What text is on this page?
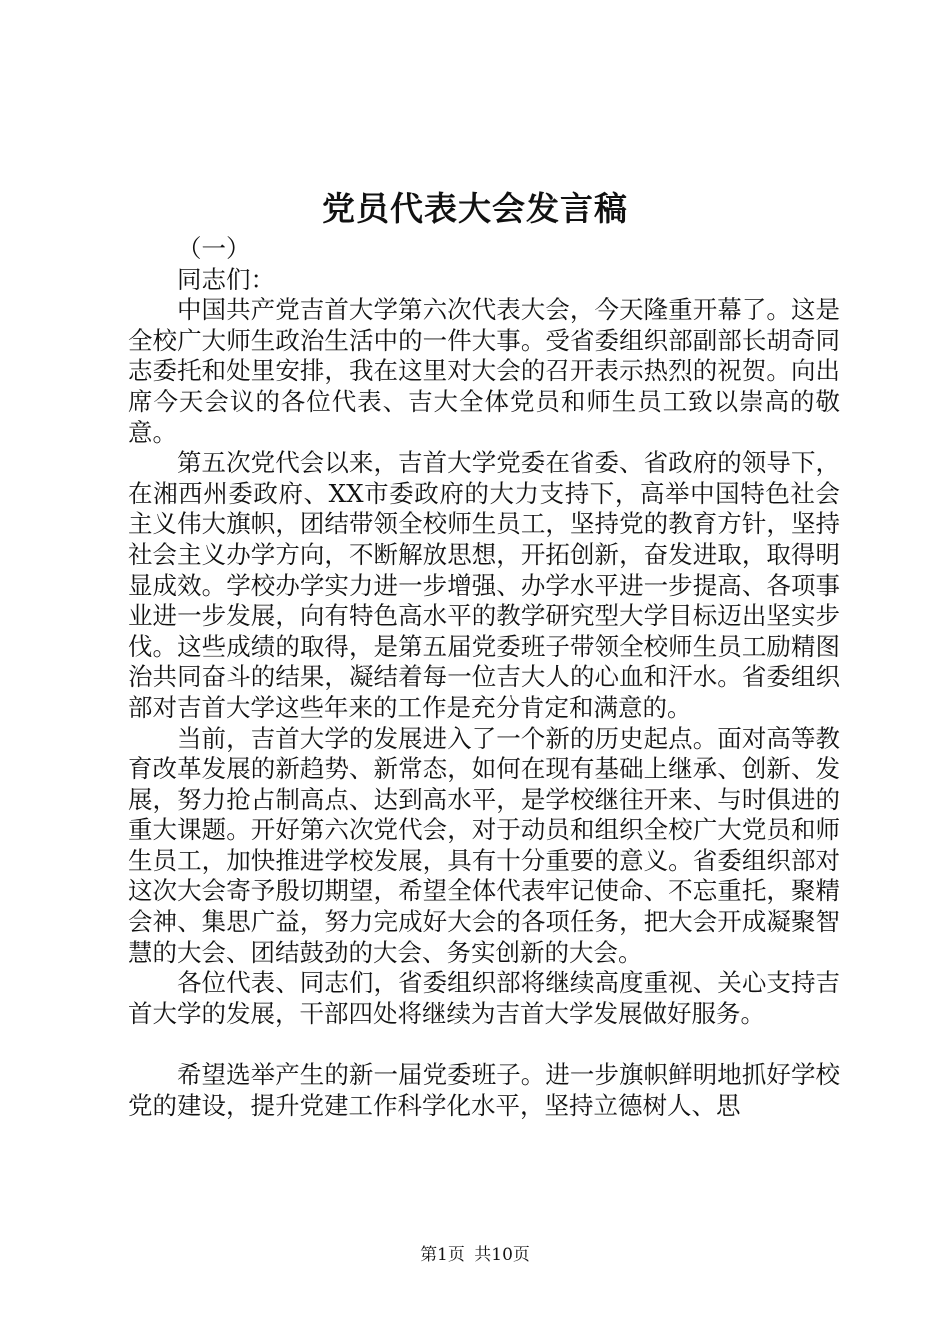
党员代表大会发言稿

（一）

同志们：

中国共产党吉首大学第六次代表大会，今天隆重开幕了。这是全校广大师生政治生活中的一件大事。受省委组织部副部长胡奇同志委托和处里安排，我在这里对大会的召开表示热烈的祝贺。向出席今天会议的各位代表、吉大全体党员和师生员工致以崇高的敬意。

第五次党代会以来，吉首大学党委在省委、省政府的领导下，在湘西州委政府、XX市委政府的大力支持下，高举中国特色社会主义伟大旗帜，团结带领全校师生员工，坚持党的教育方针，坚持社会主义办学方向，不断解放思想，开拓创新，奋发进取，取得明显成效。学校办学实力进一步增强、办学水平进一步提高、各项事业进一步发展，向有特色高水平的教学研究型大学目标迈出坚实步伐。这些成绩的取得，是第五届党委班子带领全校师生员工励精图治共同奋斗的结果，凝结着每一位吉大人的心血和汗水。省委组织部对吉首大学这些年来的工作是充分肯定和满意的。

当前，吉首大学的发展进入了一个新的历史起点。面对高等教育改革发展的新趋势、新常态，如何在现有基础上继承、创新、发展，努力抢占制高点、达到高水平，是学校继往开来、与时俱进的重大课题。开好第六次党代会，对于动员和组织全校广大党员和师生员工，加快推进学校发展，具有十分重要的意义。省委组织部对这次大会寄予殷切期望，希望全体代表牢记使命、不忘重托，聚精会神、集思广益，努力完成好大会的各项任务，把大会开成凝聚智慧的大会、团结鼓劲的大会、务实创新的大会。

各位代表、同志们，省委组织部将继续高度重视、关心支持吉首大学的发展，干部四处将继续为吉首大学发展做好服务。

希望选举产生的新一届党委班子。进一步旗帜鲜明地抓好学校党的建设，提升党建工作科学化水平，坚持立德树人、思

第1页 共10页
